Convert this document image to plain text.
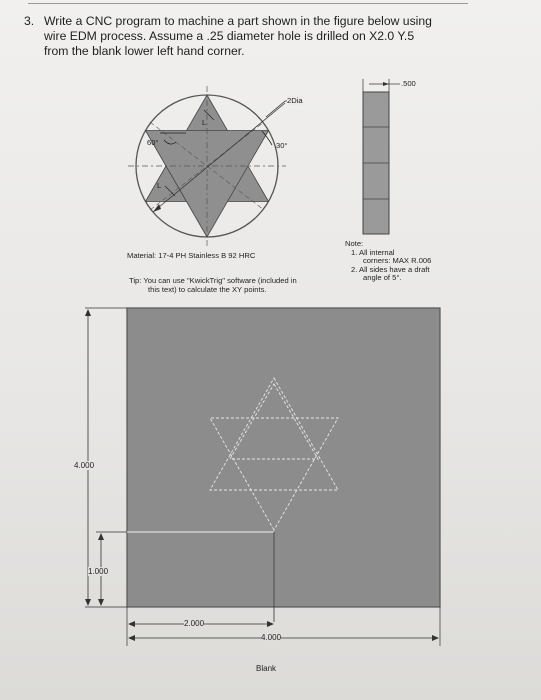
3. Write a CNC program to machine a part shown in the figure below using
wire EDM process. Assume a .25 diameter hole is drilled on X2.0 Y.5
from the blank lower left hand corner.
2Dia
60°	30°
L
L
.500
Material: 17-4 PH Stainless B 92 HRC
Tip: You can use "KwickTrig" software (included in
this text) to calculate the XY points.
Note:
1. All internal
corners: MAX R.006
2. All sides have a draft
angle of 5°.
4.000
1.000
2.000
4.000
Blank
